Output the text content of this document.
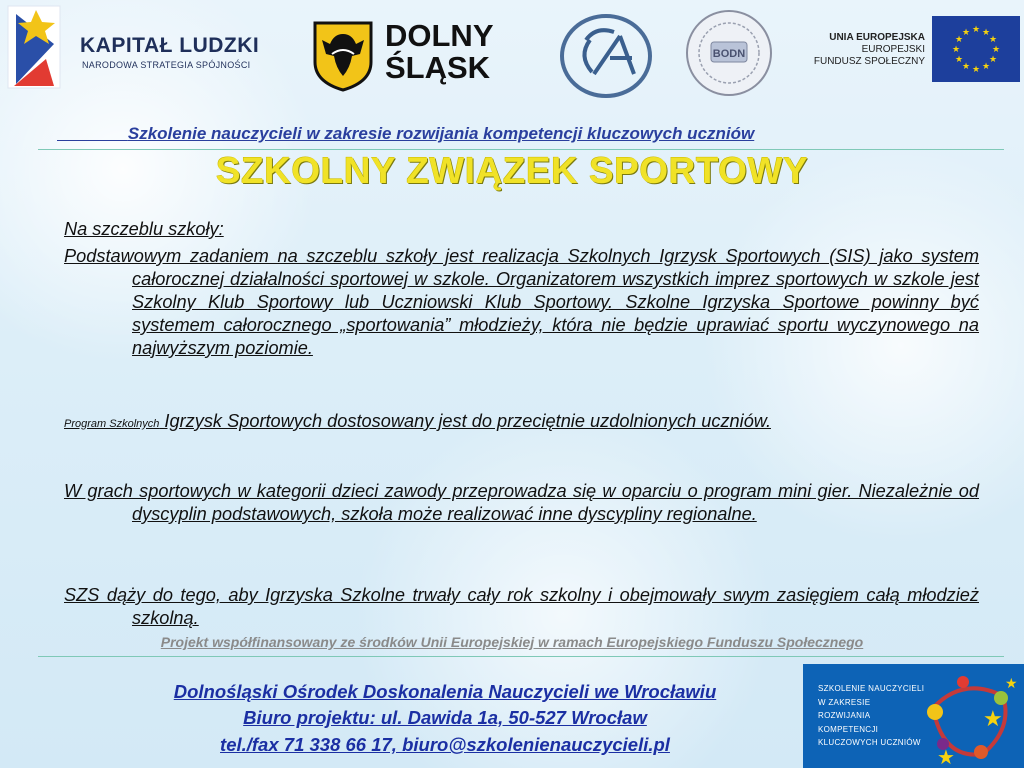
KAPITAŁ LUDZKI
NARODOWA STRATEGIA SPÓJNOŚCI
DOLNY
ŚLĄSK	BODN
UNIA EUROPEJSKA
EUROPEJSKI
FUNDUSZ SPOŁECZNY
★ ★
★
★
★
★
★
★
★
★
★
★
Szkolenie nauczycieli w zakresie rozwijania kompetencji kluczowych uczniów
SZKOLNY ZWIĄZEK SPORTOWY
Na szczeblu szkoły:
Podstawowym zadaniem na szczeblu szkoły jest realizacja Szkolnych Igrzysk Sportowych (SIS) jako system całorocznej działalności sportowej w szkole. Organizatorem wszystkich imprez sportowych w szkole jest Szkolny Klub Sportowy lub Uczniowski Klub Sportowy. Szkolne Igrzyska Sportowe powinny być systemem całorocznego „sportowania” młodzieży, która nie będzie uprawiać sportu wyczynowego na najwyższym poziomie.
Program Szkolnych Igrzysk Sportowych dostosowany jest do przeciętnie uzdolnionych uczniów.
W grach sportowych w kategorii dzieci zawody przeprowadza się w oparciu o program mini gier. Niezależnie od dyscyplin podstawowych, szkoła może realizować inne dyscypliny regionalne.
SZS dąży do tego, aby Igrzyska Szkolne trwały cały rok szkolny i obejmowały swym zasięgiem całą młodzież szkolną.
Projekt współfinansowany ze środków Unii Europejskiej w ramach Europejskiego Funduszu Społecznego
Dolnośląski Ośrodek Doskonalenia Nauczycieli we Wrocławiu
Biuro projektu: ul. Dawida 1a, 50-527 Wrocław
tel./fax 71 338 66 17, biuro@szkolenienauczycieli.pl
★
★
★
SZKOLENIE NAUCZYCIELI
W ZAKRESIE
ROZWIJANIA
KOMPETENCJI
KLUCZOWYCH UCZNIÓW
